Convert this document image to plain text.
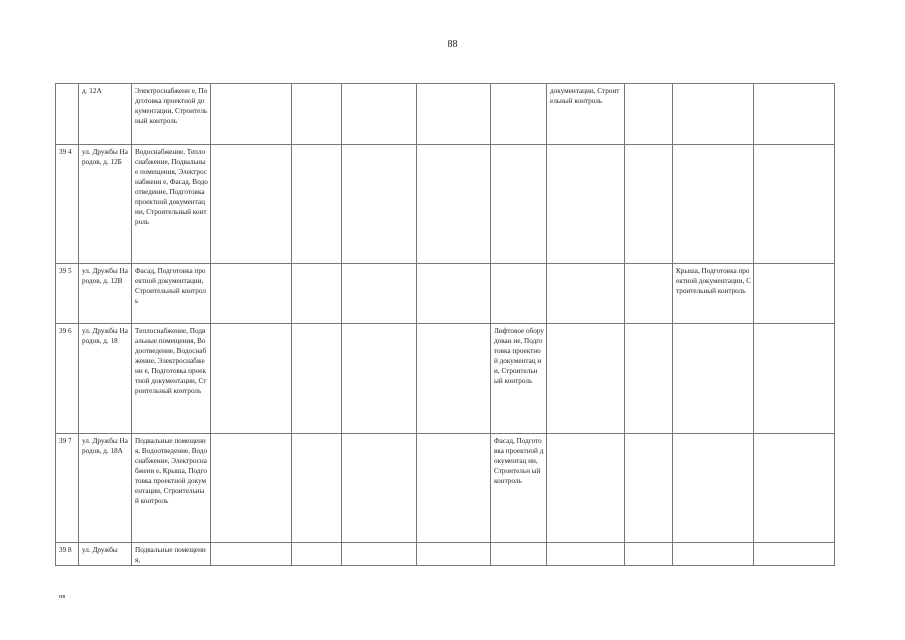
88
	д. 12А	Электроснабжени е, Подготовка проектной документации, Строительный контроль						документации, Строительный контроль			
39 4	ул. Дружбы Народов, д. 12Б	Водоснабжение, Теплоснабжение, Подвальные помещения, Электроснабжени е, Фасад, Водоотведение, Подготовка проектной документации, Строительный контроль									
39 5	ул. Дружбы Народов, д. 12В	Фасад, Подготовка проектной документации, Строительный контроль								Крыша, Подготовка проектной документации, Строительный контроль	
39 6	ул. Дружбы Народов, д. 18	Теплоснабжение, Подвальные помещения, Водоотведение, Водоснабжение, Электроснабжени е, Подготовка проектной документации, Строительный контроль					Лифтовое оборудован ие, Подготовка проектной документац ии, Строительн ый контроль				
39 7	ул. Дружбы Народов, д. 18А	Подвальные помещения, Водоотведение, Водоснабжение, Электроснабжени е, Крыша, Подготовка проектной документации, Строительный контроль					Фасад, Подготовка проектной документац ии, Строительн ый контроль				
39 8	ул. Дружбы	Подвальные помещения,									
нв
